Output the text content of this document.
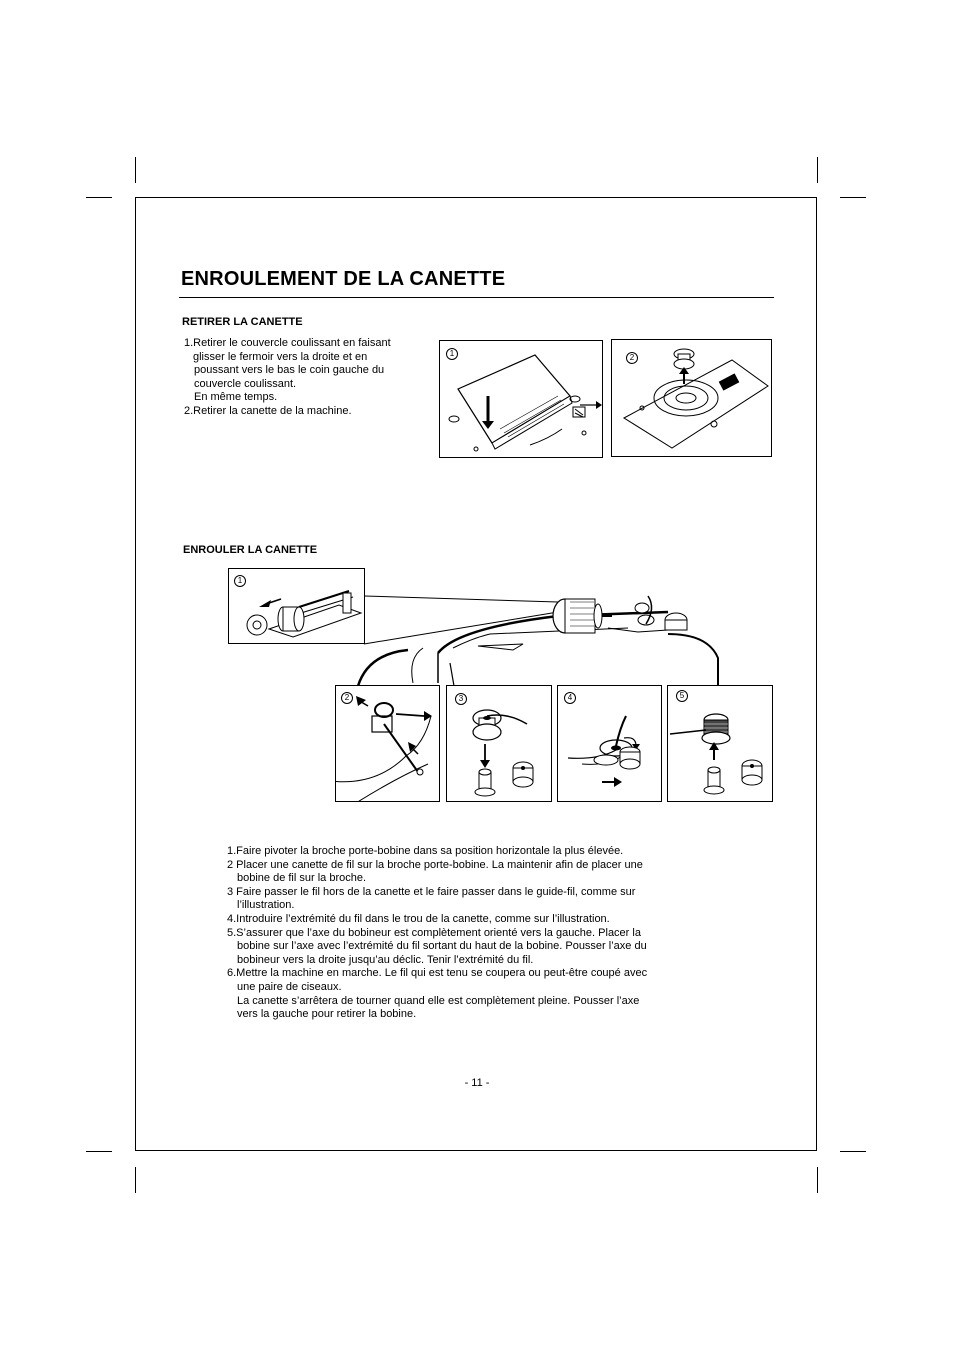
ENROULEMENT DE LA CANETTE
RETIRER LA CANETTE
1.Retirer le couvercle coulissant en faisant
glisser le fermoir vers la droite et en
poussant vers le bas le coin gauche du
couvercle coulissant.
En même temps.
2.Retirer la canette de la machine.
1	2
ENROULER LA CANETTE
1
2	3	4	5
1.Faire pivoter la broche porte-bobine dans sa position horizontale la plus élevée.
2 Placer une canette de fil sur la broche porte-bobine. La maintenir afin de placer une
bobine de fil sur la broche.
3 Faire passer le fil hors de la canette et le faire passer dans le guide-fil, comme sur
l’illustration.
4.Introduire l’extrémité du fil dans le trou de la canette, comme sur l’illustration.
5.S’assurer que l’axe du bobineur est complètement orienté vers la gauche. Placer la
bobine sur l’axe avec l’extrémité du fil sortant du haut de la bobine. Pousser l’axe du
bobineur vers la droite jusqu’au déclic. Tenir l’extrémité du fil.
6.Mettre la machine en marche. Le fil qui est tenu se coupera ou peut-être coupé avec
une paire de ciseaux.
La canette s’arrêtera de tourner quand elle est complètement pleine. Pousser l’axe
vers la gauche pour retirer la bobine.
- 11 -
